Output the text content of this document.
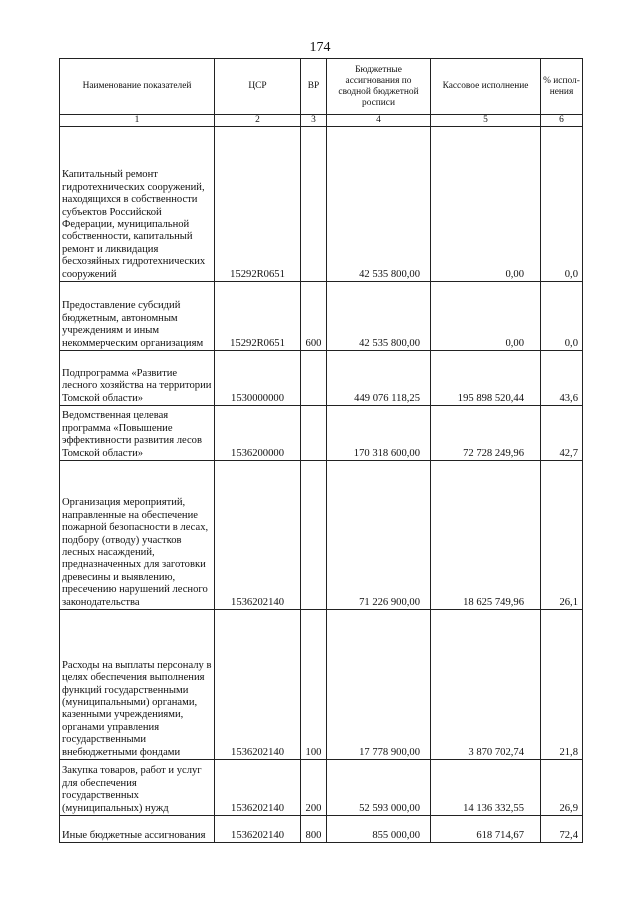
174
Наименование показателей	ЦСР	ВР	Бюджетные ассигнования по сводной бюджетной росписи	Кассовое исполнение	% испол-нения
1	2	3	4	5	6
Капитальный ремонт гидротехнических сооружений, находящихся в собственности субъектов Российской Федерации, муниципальной собственности, капитальный ремонт и ликвидация бесхозяйных гидротехнических сооружений	15292R0651		42 535 800,00	0,00	0,0
Предоставление субсидий бюджетным, автономным учреждениям и иным некоммерческим организациям	15292R0651	600	42 535 800,00	0,00	0,0
Подпрограмма «Развитие лесного хозяйства на территории Томской области»	1530000000		449 076 118,25	195 898 520,44	43,6
Ведомственная целевая программа «Повышение эффективности развития лесов Томской области»	1536200000		170 318 600,00	72 728 249,96	42,7
Организация мероприятий, направленные на обеспечение пожарной безопасности в лесах, подбору (отводу) участков лесных насаждений, предназначенных для заготовки древесины и выявлению, пресечению нарушений лесного законодательства	1536202140		71 226 900,00	18 625 749,96	26,1
Расходы на выплаты персоналу в целях обеспечения выполнения функций государственными (муниципальными) органами, казенными учреждениями, органами управления государственными внебюджетными фондами	1536202140	100	17 778 900,00	3 870 702,74	21,8
Закупка товаров, работ и услуг для обеспечения государственных (муниципальных) нужд	1536202140	200	52 593 000,00	14 136 332,55	26,9
Иные бюджетные ассигнования	1536202140	800	855 000,00	618 714,67	72,4
